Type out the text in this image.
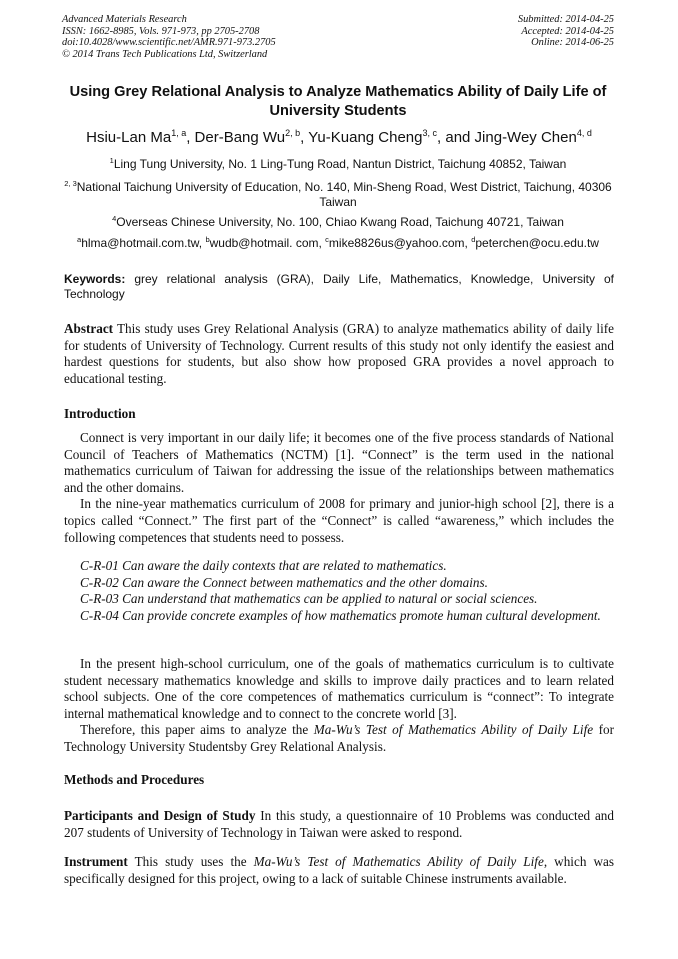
Advanced Materials Research
ISSN: 1662-8985, Vols. 971-973, pp 2705-2708
doi:10.4028/www.scientific.net/AMR.971-973.2705
© 2014 Trans Tech Publications Ltd, Switzerland
Submitted: 2014-04-25
Accepted: 2014-04-25
Online: 2014-06-25
Using Grey Relational Analysis to Analyze Mathematics Ability of Daily Life of University Students
Hsiu-Lan Ma$^{1, a}$, Der-Bang Wu$^{2, b}$, Yu-Kuang Cheng$^{3, c}$, and Jing-Wey Chen$^{4, d}$
$^1$Ling Tung University, No. 1 Ling-Tung Road, Nantun District, Taichung 40852, Taiwan
$^{2, 3}$National Taichung University of Education, No. 140, Min-Sheng Road, West District, Taichung, 40306 Taiwan
$^4$Overseas Chinese University, No. 100, Chiao Kwang Road, Taichung 40721, Taiwan
$^a$hlma@hotmail.com.tw, $^b$wudb@hotmail. com, $^c$mike8826us@yahoo.com, $^d$peterchen@ocu.edu.tw
Keywords: grey relational analysis (GRA), Daily Life, Mathematics, Knowledge, University of Technology

Abstract This study uses Grey Relational Analysis (GRA) to analyze mathematics ability of daily life for students of University of Technology. Current results of this study not only identify the easiest and hardest questions for students, but also show how proposed GRA provides a novel approach to educational testing.

Introduction

Connect is very important in our daily life; it becomes one of the five process standards of National Council of Teachers of Mathematics (NCTM) [1]. “Connect” is the term used in the national mathematics curriculum of Taiwan for addressing the issue of the relationships between mathematics and the other domains.

In the nine-year mathematics curriculum of 2008 for primary and junior-high school [2], there is a topics called “Connect.” The first part of the “Connect” is called “awareness,” which includes the following competences that students need to possess.

C-R-01 Can aware the daily contexts that are related to mathematics.
C-R-02 Can aware the Connect between mathematics and the other domains.
C-R-03 Can understand that mathematics can be applied to natural or social sciences.
C-R-04 Can provide concrete examples of how mathematics promote human cultural development.

In the present high-school curriculum, one of the goals of mathematics curriculum is to cultivate student necessary mathematics knowledge and skills to improve daily practices and to learn related school subjects. One of the core competences of mathematics curriculum is “connect”: To integrate internal mathematical knowledge and to connect to the concrete world [3].

Therefore, this paper aims to analyze the Ma-Wu’s Test of Mathematics Ability of Daily Life for Technology University Studentsby Grey Relational Analysis.

Methods and Procedures

Participants and Design of Study In this study, a questionnaire of 10 Problems was conducted and 207 students of University of Technology in Taiwan were asked to respond.

Instrument This study uses the Ma-Wu’s Test of Mathematics Ability of Daily Life, which was specifically designed for this project, owing to a lack of suitable Chinese instruments available.
